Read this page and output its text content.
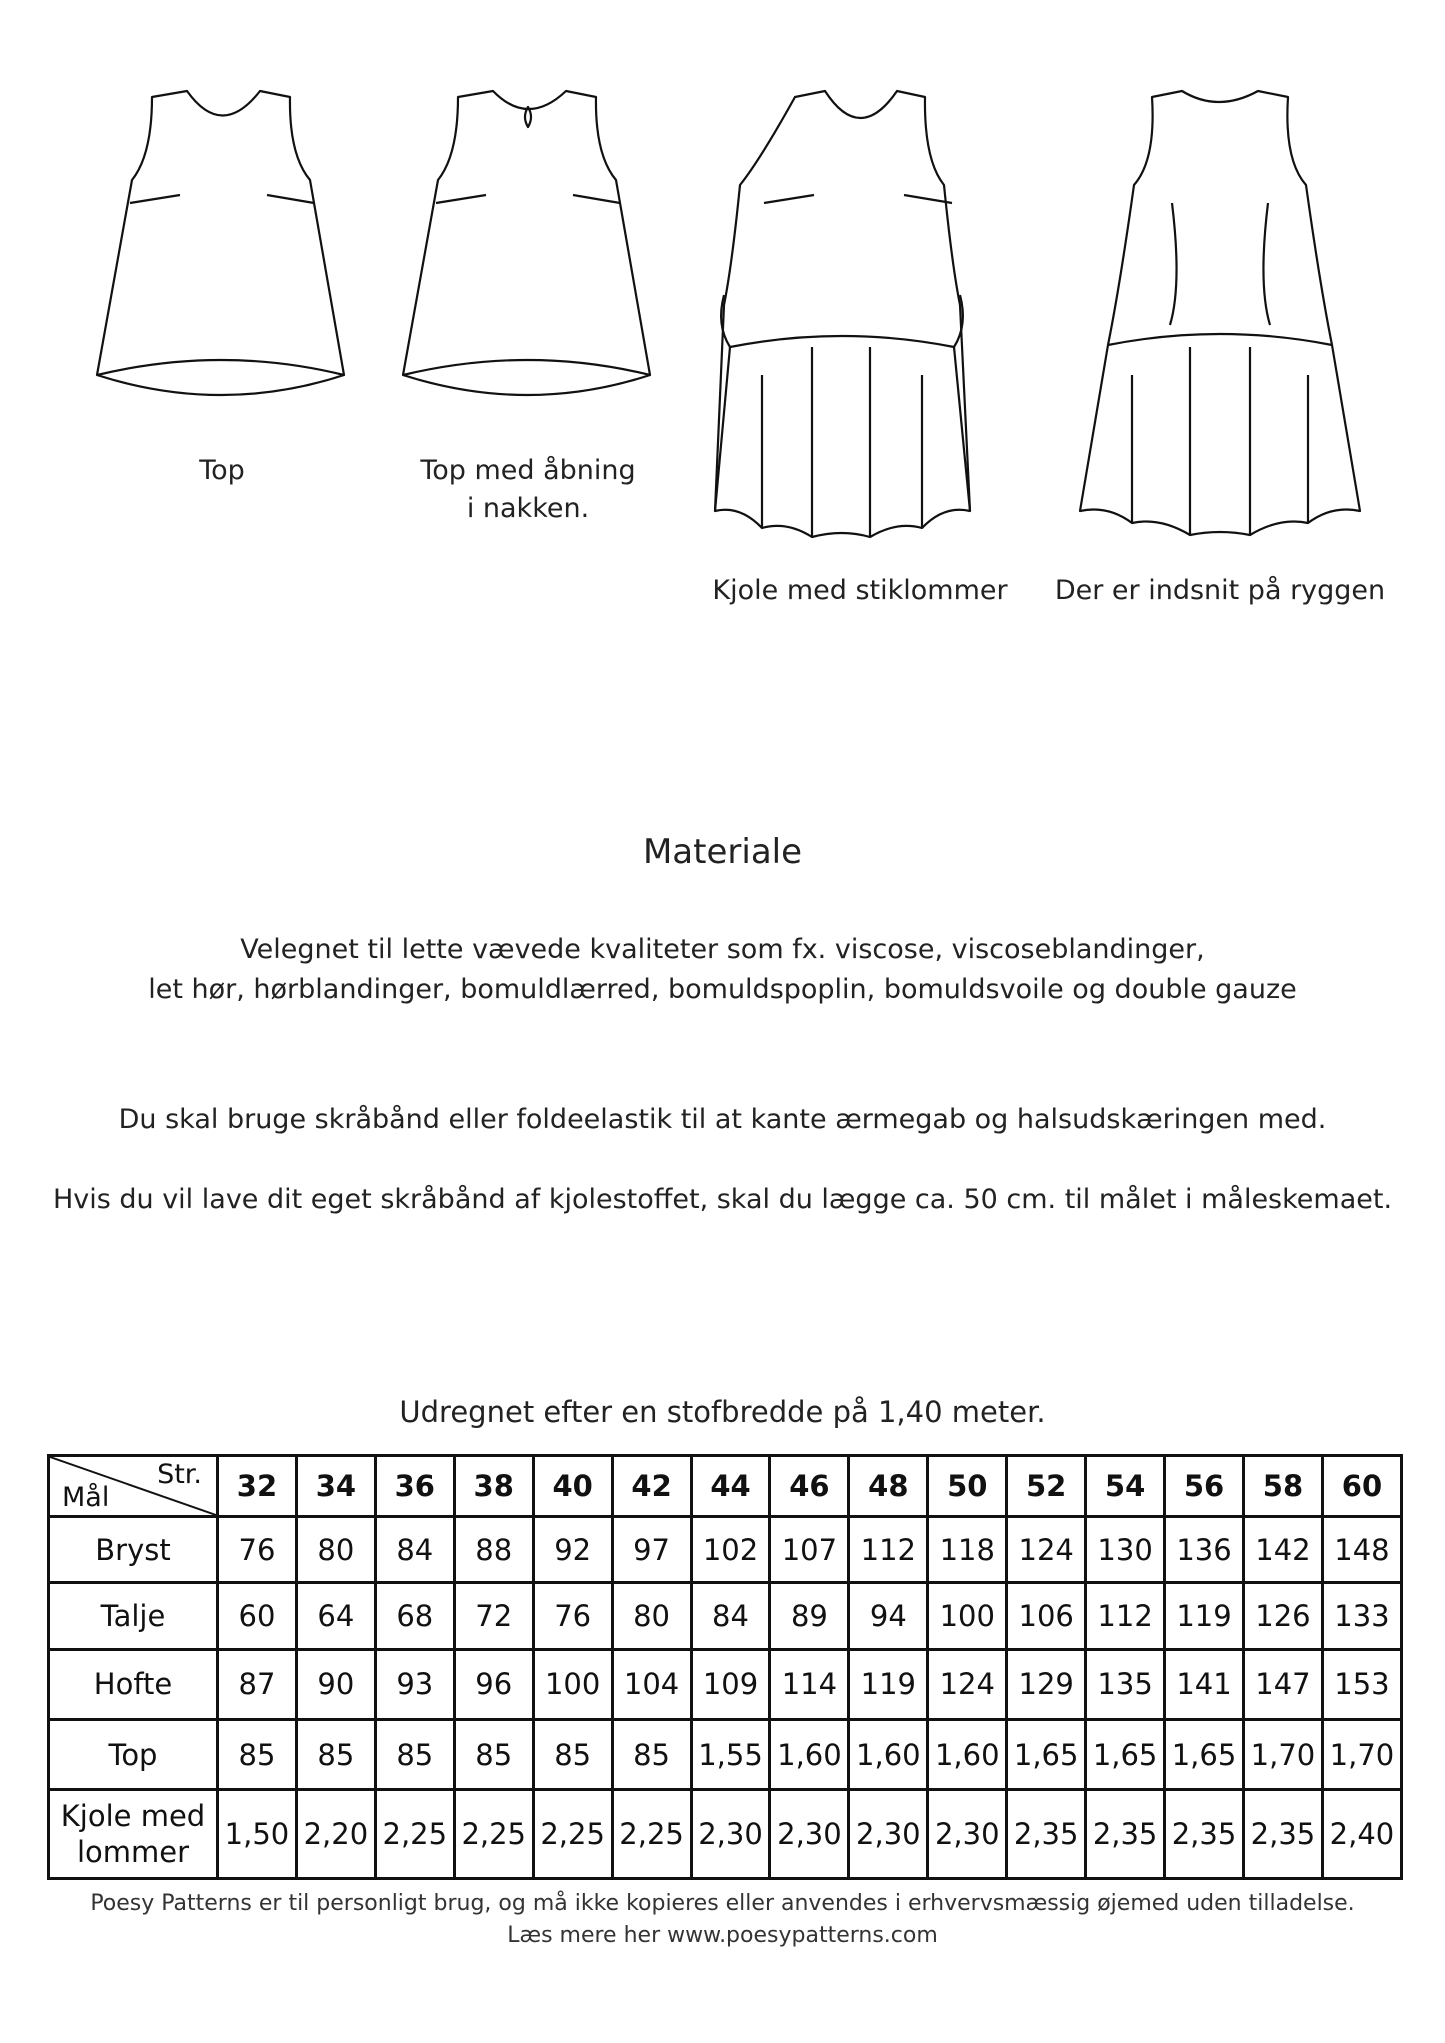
Top	Top med åbning
i nakken.
Kjole med stiklommer	Der er indsnit på ryggen
Materiale
Velegnet til lette vævede kvaliteter som fx. viscose, viscoseblandinger,
let hør, hørblandinger, bomuldlærred, bomuldspoplin, bomuldsvoile og double gauze
Du skal bruge skråbånd eller foldeelastik til at kante ærmegab og halsudskæringen med.
Hvis du vil lave dit eget skråbånd af kjolestoffet, skal du lægge ca. 50 cm. til målet i måleskemaet.
Udregnet efter en stofbredde på 1,40 meter.
Str.
Mål	32	34	36	38	40	42	44	46	48	50	52	54	56	58	60
Bryst	76	80	84	88	92	97	102	107	112	118	124	130	136	142	148
Talje	60	64	68	72	76	80	84	89	94	100	106	112	119	126	133
Hofte	87	90	93	96	100	104	109	114	119	124	129	135	141	147	153
Top	85	85	85	85	85	85	1,55	1,60	1,60	1,60	1,65	1,65	1,65	1,70	1,70
Kjole med lommer	1,50	2,20	2,25	2,25	2,25	2,25	2,30	2,30	2,30	2,30	2,35	2,35	2,35	2,35	2,40
Poesy Patterns er til personligt brug, og må ikke kopieres eller anvendes i erhvervsmæssig øjemed uden tilladelse.
Læs mere her www.poesypatterns.com
